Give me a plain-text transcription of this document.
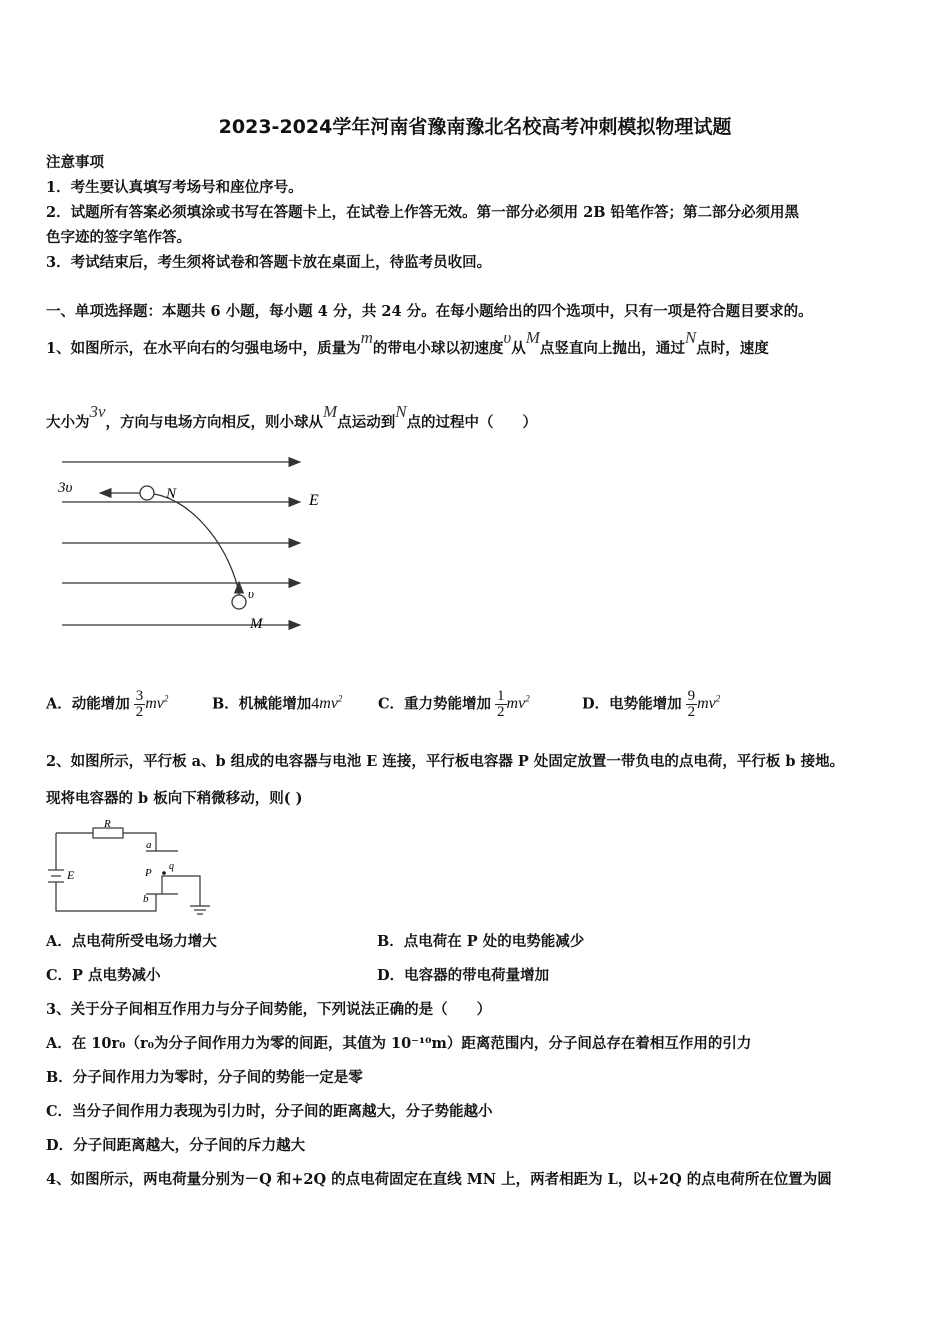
2023-2024学年河南省豫南豫北名校高考冲刺模拟物理试题
注意事项
1．考生要认真填写考场号和座位序号。
2．试题所有答案必须填涂或书写在答题卡上，在试卷上作答无效。第一部分必须用 2B 铅笔作答；第二部分必须用黑
色字迹的签字笔作答。
3．考试结束后，考生须将试卷和答题卡放在桌面上，待监考员收回。
一、单项选择题：本题共 6 小题，每小题 4 分，共 24 分。在每小题给出的四个选项中，只有一项是符合题目要求的。
1、如图所示，在水平向右的匀强电场中，质量为m的带电小球以初速度υ从M点竖直向上抛出，通过N点时，速度
大小为3v，方向与电场方向相反，则小球从M点运动到N点的过程中（　　）
3υ	N	E
υ
M
A．动能增加 $\frac{3}{2} mv^2$	B．机械能增加$4mv^2$ C．重力势能增加 $\frac{1}{2} mv^2$	D．电势能增加 $\frac{9}{2} mv^2$
2、如图所示，平行板 a、b 组成的电容器与电池 E 连接，平行板电容器 P 处固定放置一带负电的点电荷，平行板 b 接地。
现将电容器的 b 板向下稍微移动，则( )
R
a
E	P
q
b
A．点电荷所受电场力增大	B．点电荷在 P 处的电势能减少
C．P 点电势减小	D．电容器的带电荷量增加
3、关于分子间相互作用力与分子间势能，下列说法正确的是（　　）
A．在 10r₀（r₀为分子间作用力为零的间距，其值为 10⁻¹⁰m）距离范围内，分子间总存在着相互作用的引力
B．分子间作用力为零时，分子间的势能一定是零
C．当分子间作用力表现为引力时，分子间的距离越大，分子势能越小
D．分子间距离越大，分子间的斥力越大
4、如图所示，两电荷量分别为－Q 和+2Q 的点电荷固定在直线 MN 上，两者相距为 L，以+2Q 的点电荷所在位置为圆
